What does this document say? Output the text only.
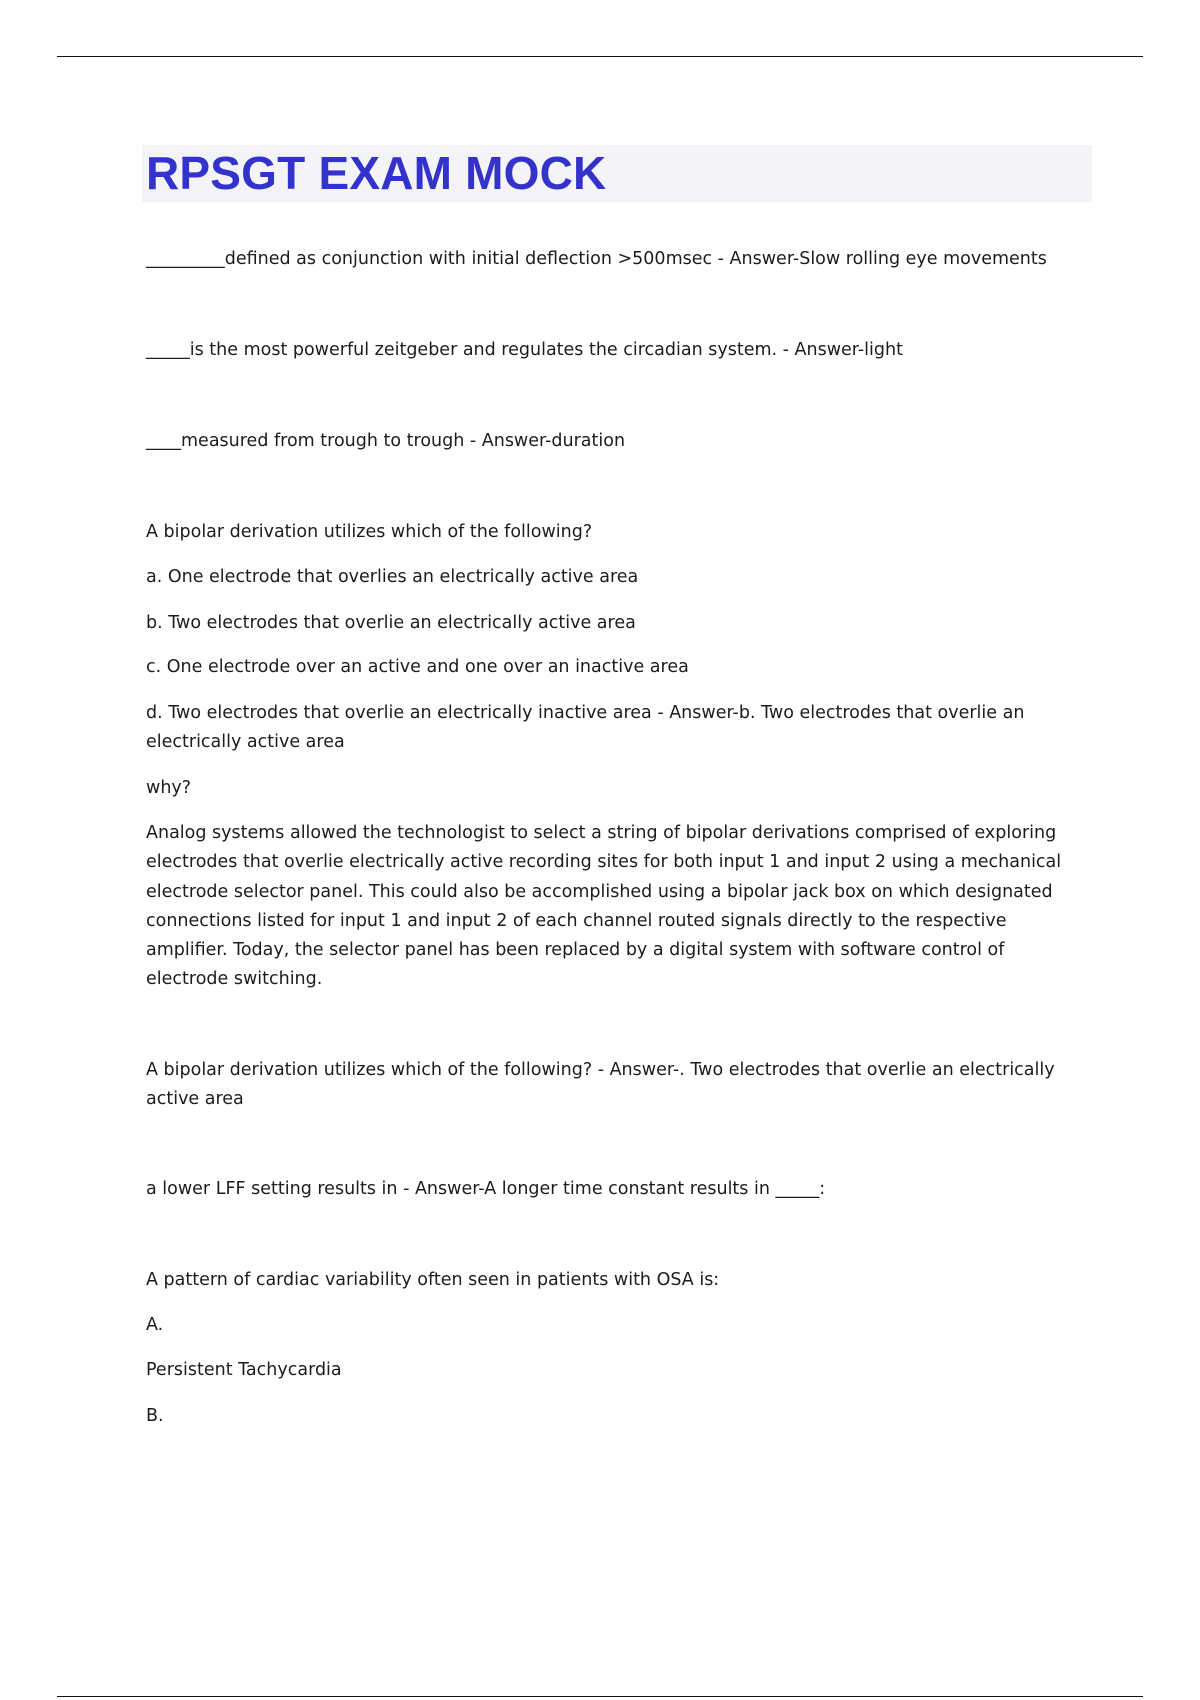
RPSGT EXAM MOCK

_________defined as conjunction with initial deflection >500msec - Answer-Slow rolling eye movements

_____is the most powerful zeitgeber and regulates the circadian system. - Answer-light

____measured from trough to trough - Answer-duration

A bipolar derivation utilizes which of the following?

a. One electrode that overlies an electrically active area

b. Two electrodes that overlie an electrically active area

c. One electrode over an active and one over an inactive area

d. Two electrodes that overlie an electrically inactive area - Answer-b. Two electrodes that overlie an electrically active area

why?

Analog systems allowed the technologist to select a string of bipolar derivations comprised of exploring electrodes that overlie electrically active recording sites for both input 1 and input 2 using a mechanical electrode selector panel. This could also be accomplished using a bipolar jack box on which designated connections listed for input 1 and input 2 of each channel routed signals directly to the respective amplifier. Today, the selector panel has been replaced by a digital system with software control of electrode switching.

A bipolar derivation utilizes which of the following? - Answer-. Two electrodes that overlie an electrically active area

a lower LFF setting results in - Answer-A longer time constant results in _____:

A pattern of cardiac variability often seen in patients with OSA is:

A.

Persistent Tachycardia

B.
